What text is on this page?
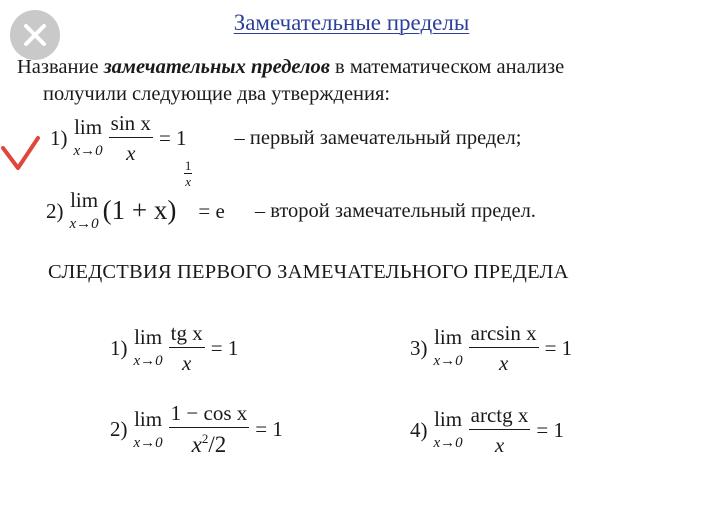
Замечательные пределы
Название замечательных пределов в математическом анализе
получили следующие два утверждения:
1) lim
$x\to 0 \frac{\text{sin x}}{x} = 1$ – первый замечательный предел;
2) lim
x→0 (1 + x)
$\frac{1}{x}$
= e – второй замечательный предел.
СЛЕДСТВИЯ ПЕРВОГО ЗАМЕЧАТЕЛЬНОГО ПРЕДЕЛА
1) lim
$x\to 0 \frac{\text{tg x}}{x} = 1$	3) lim
$x\to 0 \frac{\text{arcsin x}}{x} = 1$
2) lim
$x\to 0 \frac{\text{1 − cos x}}{x^2/2} = 1$	4) lim
$x\to 0 \frac{\text{arctg x}}{x} = 1$
